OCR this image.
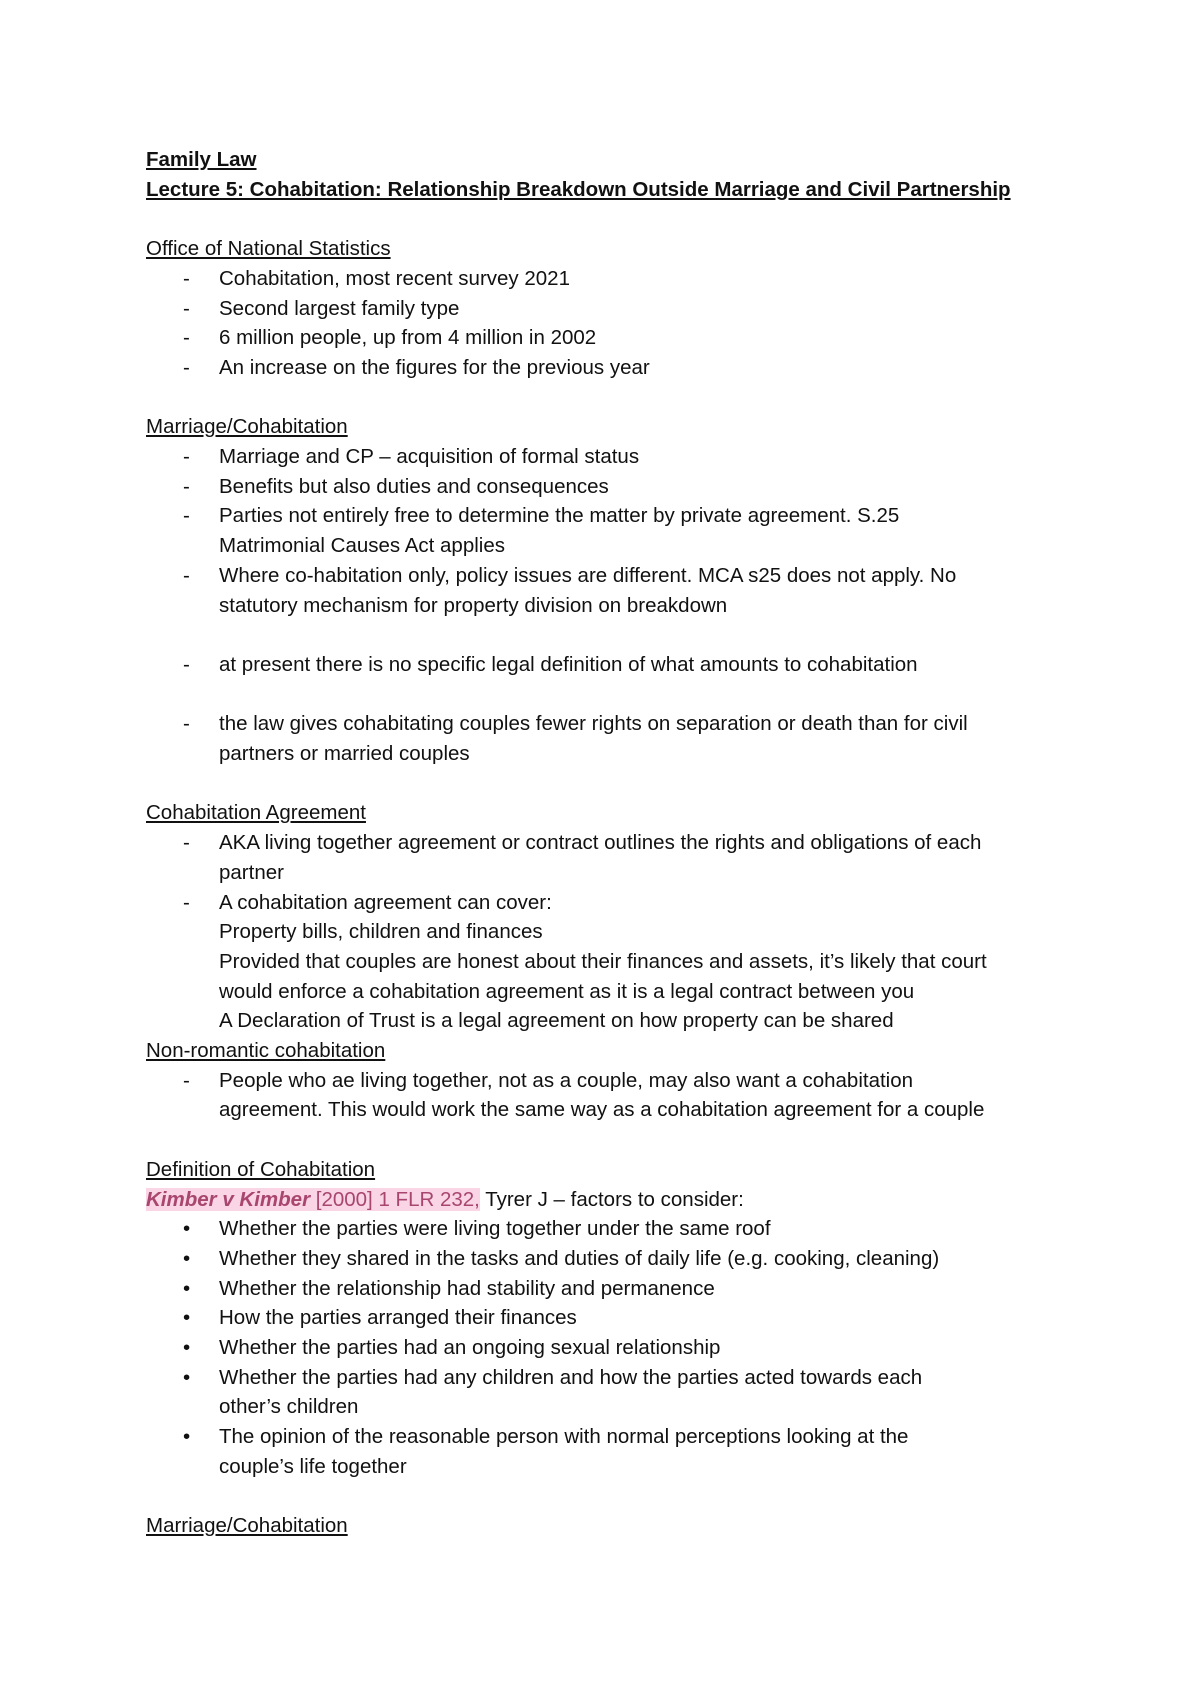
Family Law
Lecture 5: Cohabitation: Relationship Breakdown Outside Marriage and Civil Partnership
Office of National Statistics
- Cohabitation, most recent survey 2021
- Second largest family type
- 6 million people, up from 4 million in 2002
- An increase on the figures for the previous year
Marriage/Cohabitation
- Marriage and CP – acquisition of formal status
- Benefits but also duties and consequences
- Parties not entirely free to determine the matter by private agreement. S.25
Matrimonial Causes Act applies
- Where co-habitation only, policy issues are different. MCA s25 does not apply. No
statutory mechanism for property division on breakdown
- at present there is no specific legal definition of what amounts to cohabitation
- the law gives cohabitating couples fewer rights on separation or death than for civil
partners or married couples
Cohabitation Agreement
- AKA living together agreement or contract outlines the rights and obligations of each
partner
- A cohabitation agreement can cover:
Property bills, children and finances
Provided that couples are honest about their finances and assets, it’s likely that court
would enforce a cohabitation agreement as it is a legal contract between you
A Declaration of Trust is a legal agreement on how property can be shared
Non-romantic cohabitation
- People who ae living together, not as a couple, may also want a cohabitation
agreement. This would work the same way as a cohabitation agreement for a couple
Definition of Cohabitation
Kimber v Kimber [2000] 1 FLR 232, Tyrer J – factors to consider:
• Whether the parties were living together under the same roof
• Whether they shared in the tasks and duties of daily life (e.g. cooking, cleaning)
• Whether the relationship had stability and permanence
• How the parties arranged their finances
• Whether the parties had an ongoing sexual relationship
• Whether the parties had any children and how the parties acted towards each
other’s children
• The opinion of the reasonable person with normal perceptions looking at the
couple’s life together
Marriage/Cohabitation
